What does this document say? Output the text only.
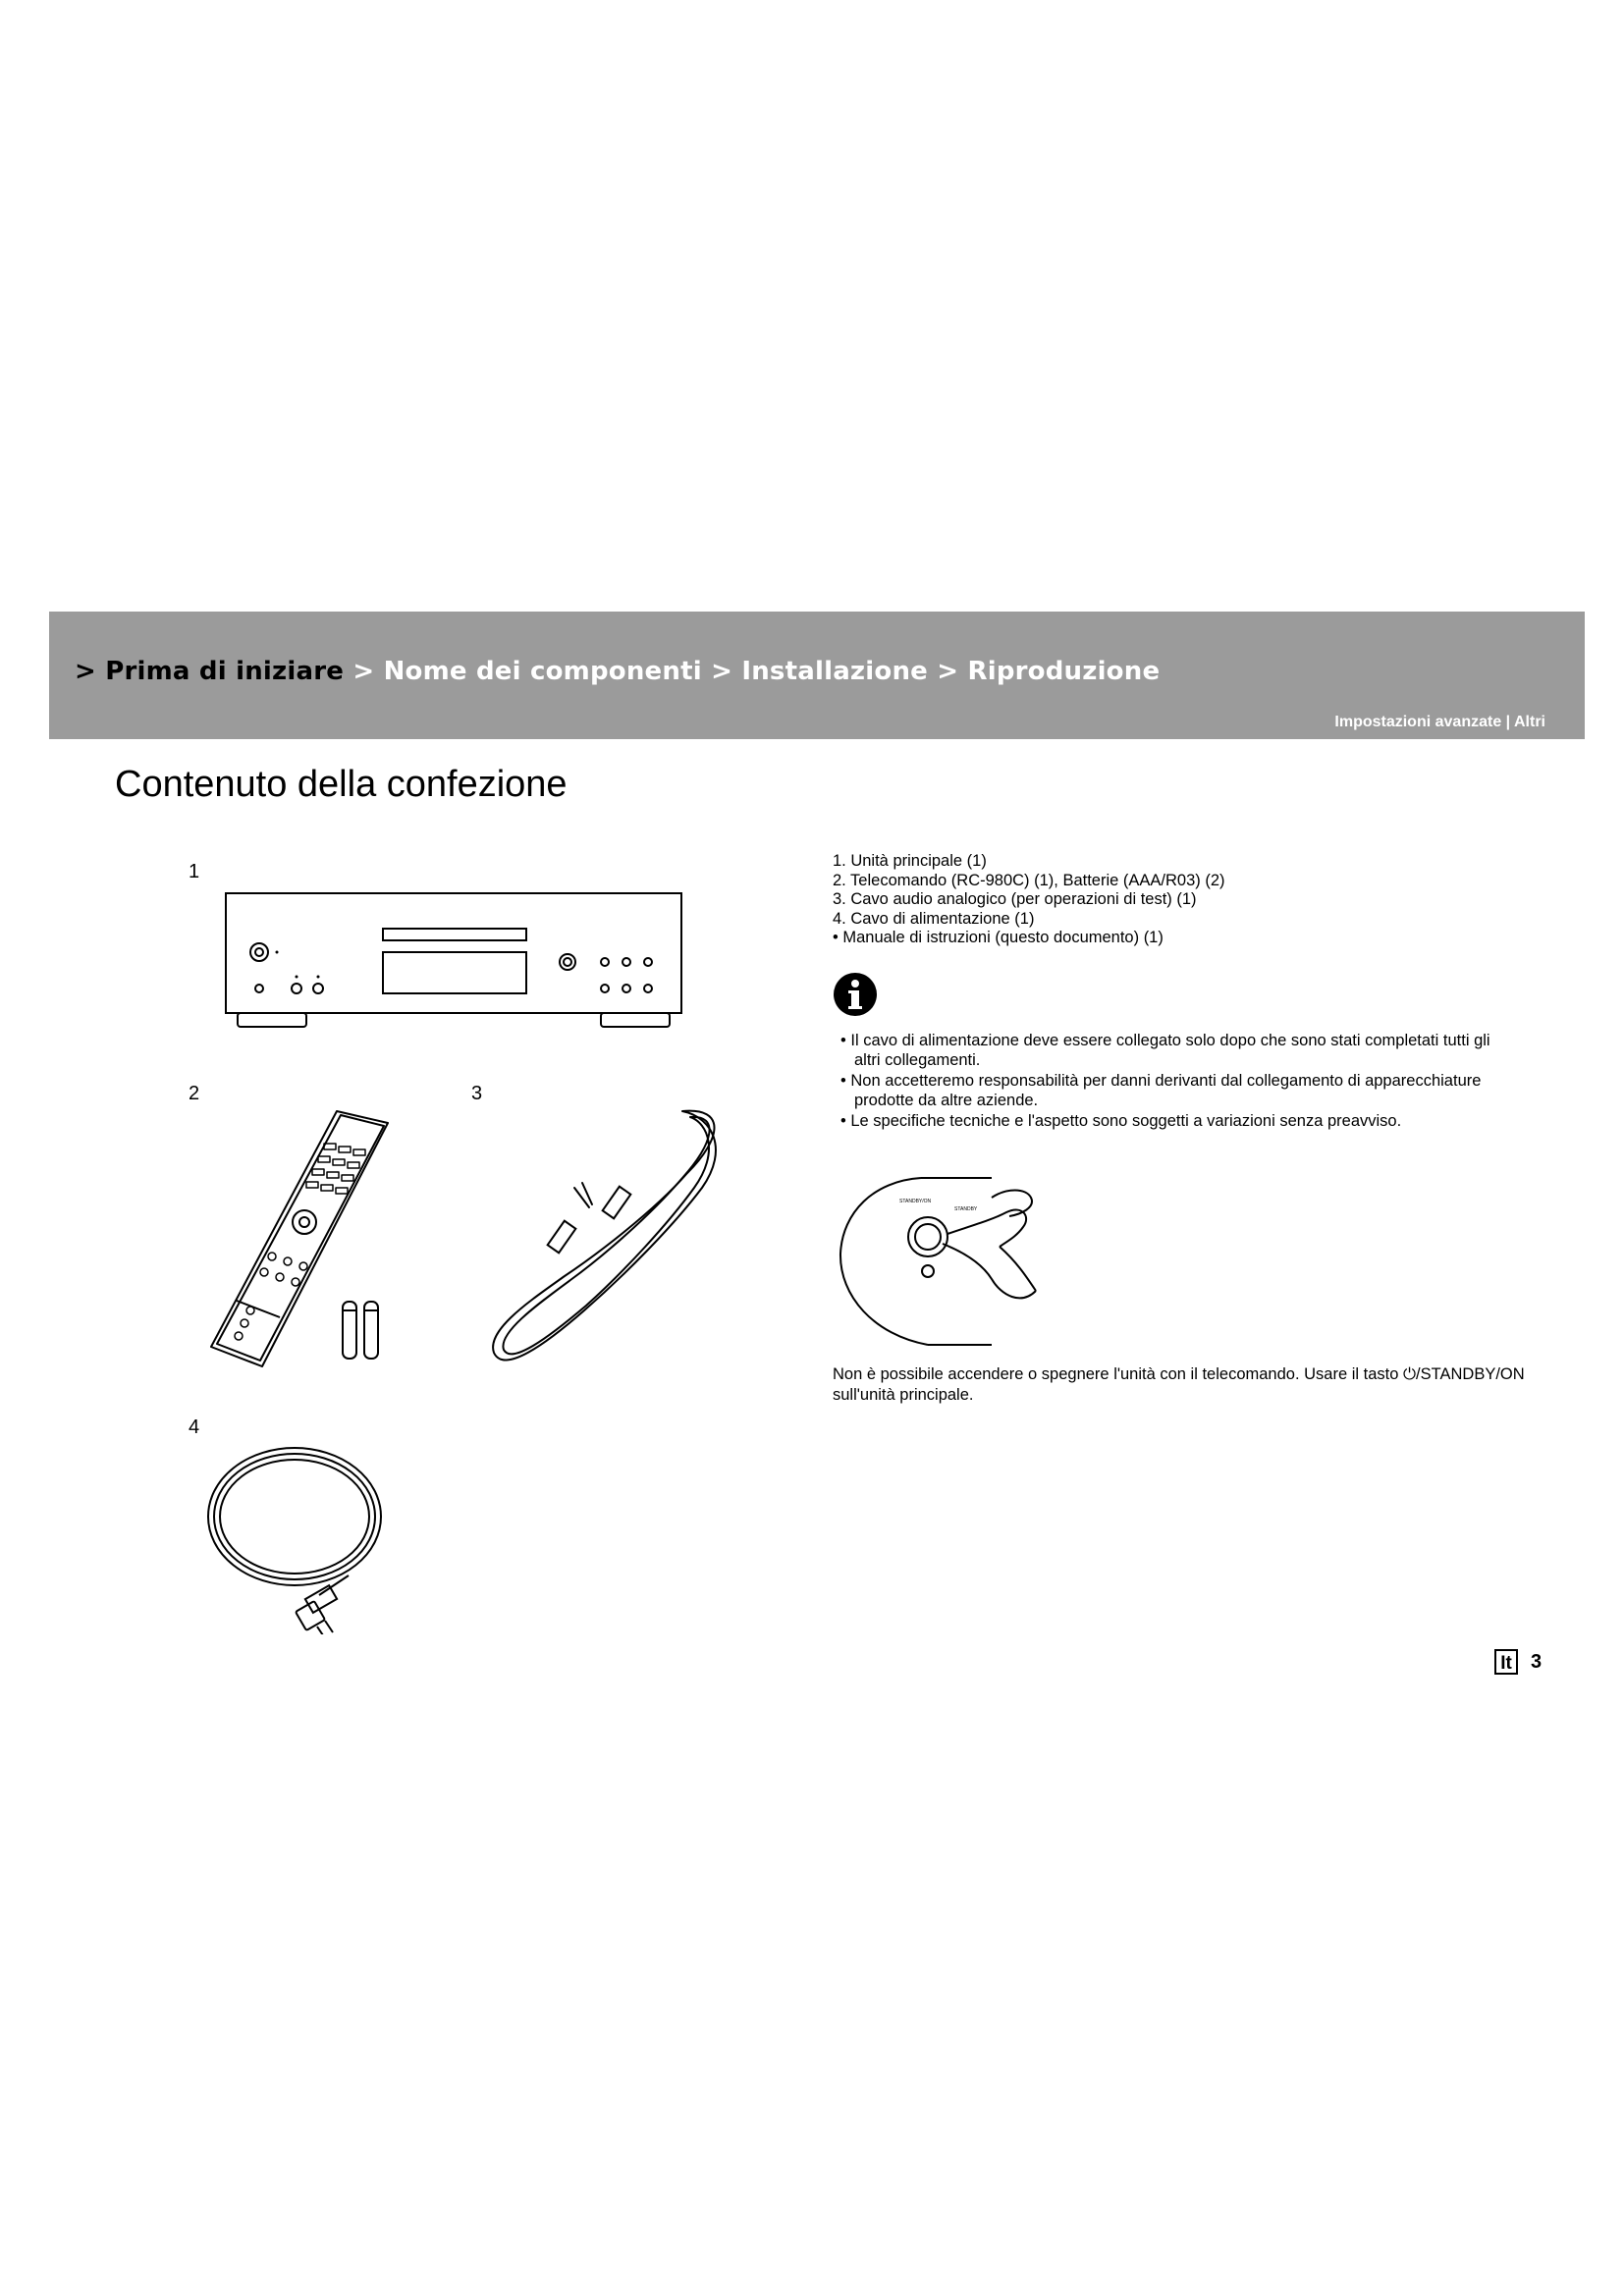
> Prima di iniziare > Nome dei componenti > Installazione > Riproduzione
Impostazioni avanzate | Altri
Contenuto della confezione
1
2	3
4
1. Unità principale (1)
2. Telecomando (RC-980C) (1), Batterie (AAA/R03) (2)
3. Cavo audio analogico (per operazioni di test) (1)
4. Cavo di alimentazione (1)
• Manuale di istruzioni (questo documento) (1)
• Il cavo di alimentazione deve essere collegato solo dopo che sono stati completati tutti gli altri collegamenti.
• Non accetteremo responsabilità per danni derivanti dal collegamento di apparecchiature prodotte da altre aziende.
• Le specifiche tecniche e l'aspetto sono soggetti a variazioni senza preavviso.
STANDBY/ON
STANDBY

Non è possibile accendere o spegnere l'unità con il telecomando. Usare il tasto ⏻/STANDBY/ON sull'unità principale.

It 3
